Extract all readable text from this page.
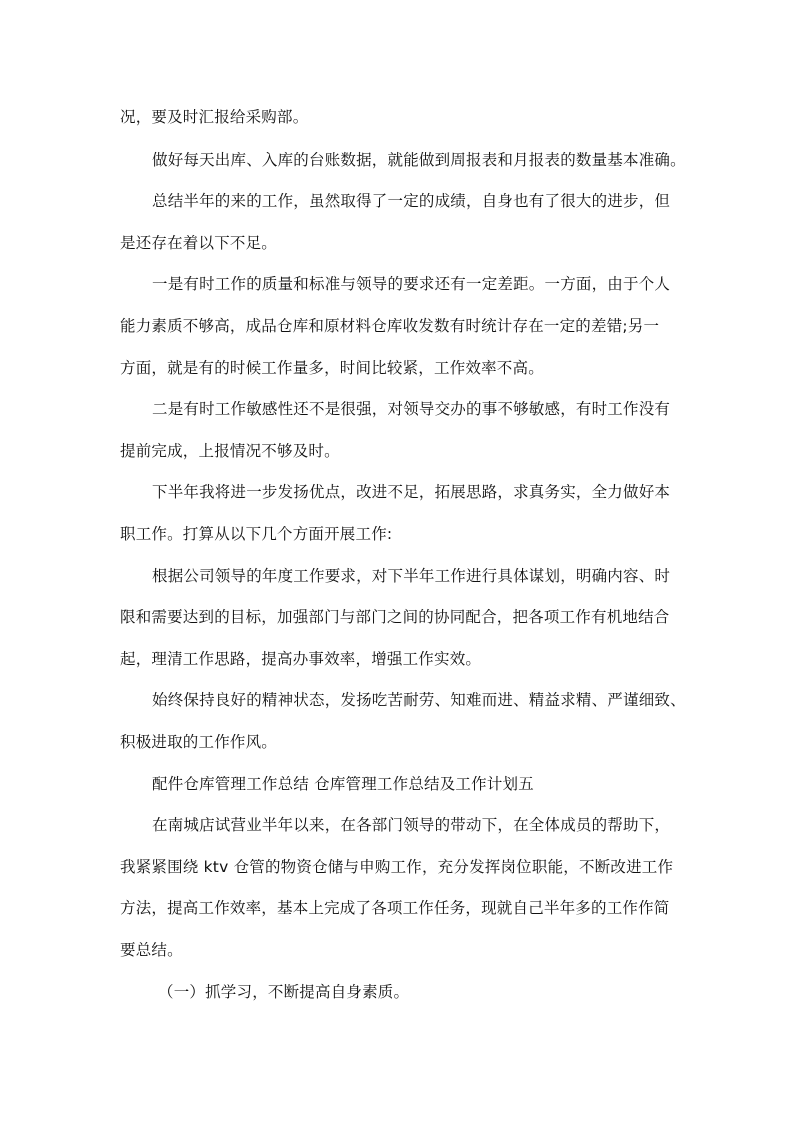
况，要及时汇报给采购部。
做好每天出库、入库的台账数据，就能做到周报表和月报表的数量基本准确。
总结半年的来的工作，虽然取得了一定的成绩，自身也有了很大的进步，但
是还存在着以下不足。
一是有时工作的质量和标准与领导的要求还有一定差距。一方面，由于个人
能力素质不够高，成品仓库和原材料仓库收发数有时统计存在一定的差错;另一
方面，就是有的时候工作量多，时间比较紧，工作效率不高。
二是有时工作敏感性还不是很强，对领导交办的事不够敏感，有时工作没有
提前完成，上报情况不够及时。
下半年我将进一步发扬优点，改进不足，拓展思路，求真务实，全力做好本
职工作。打算从以下几个方面开展工作:
根据公司领导的年度工作要求，对下半年工作进行具体谋划，明确内容、时
限和需要达到的目标，加强部门与部门之间的协同配合，把各项工作有机地结合
起，理清工作思路，提高办事效率，增强工作实效。
始终保持良好的精神状态，发扬吃苦耐劳、知难而进、精益求精、严谨细致、
积极进取的工作作风。
配件仓库管理工作总结 仓库管理工作总结及工作计划五
在南城店试营业半年以来，在各部门领导的带动下，在全体成员的帮助下，
我紧紧围绕 ktv 仓管的物资仓储与申购工作，充分发挥岗位职能，不断改进工作
方法，提高工作效率，基本上完成了各项工作任务，现就自己半年多的工作作简
要总结。
（一）抓学习，不断提高自身素质。
